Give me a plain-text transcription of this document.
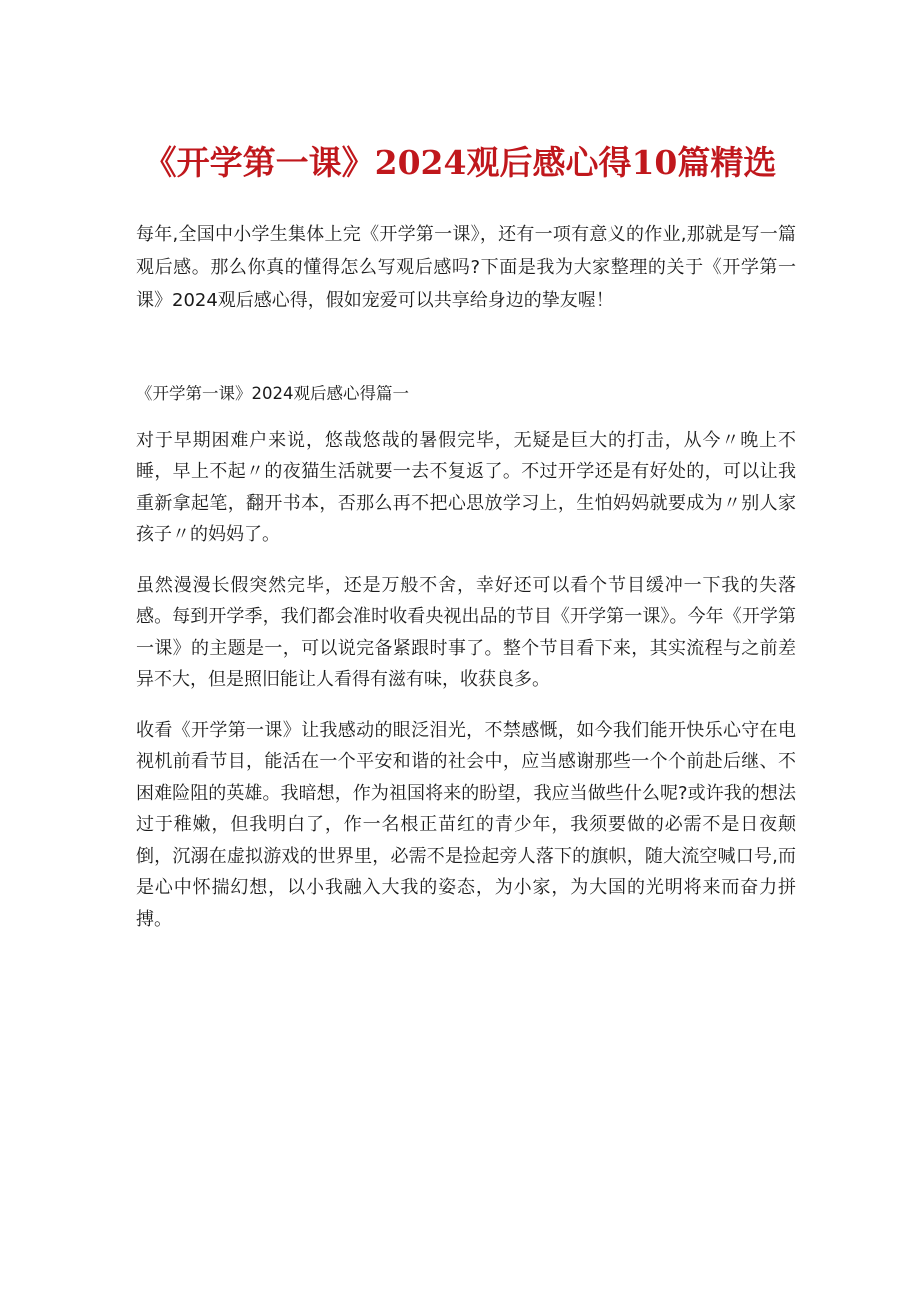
《开学第一课》2024观后感心得10篇精选

每年,全国中小学生集体上完《开学第一课》，还有一项有意义的作业,那就是写一篇观后感。那么你真的懂得怎么写观后感吗?下面是我为大家整理的关于《开学第一课》2024观后感心得，假如宠爱可以共享给身边的挚友喔！

《开学第一课》2024观后感心得篇一

对于早期困难户来说，悠哉悠哉的暑假完毕，无疑是巨大的打击，从今〃晚上不睡，早上不起〃的夜猫生活就要一去不复返了。不过开学还是有好处的，可以让我重新拿起笔，翻开书本，否那么再不把心思放学习上，生怕妈妈就要成为〃别人家孩子〃的妈妈了。

虽然漫漫长假突然完毕，还是万般不舍，幸好还可以看个节目缓冲一下我的失落感。每到开学季，我们都会准时收看央视出品的节目《开学第一课》。今年《开学第一课》的主题是一，可以说完备紧跟时事了。整个节目看下来，其实流程与之前差异不大，但是照旧能让人看得有滋有味，收获良多。

收看《开学第一课》让我感动的眼泛泪光，不禁感慨，如今我们能开快乐心守在电视机前看节目，能活在一个平安和谐的社会中，应当感谢那些一个个前赴后继、不困难险阻的英雄。我暗想，作为祖国将来的盼望，我应当做些什么呢?或许我的想法过于稚嫩，但我明白了，作一名根正苗红的青少年，我须要做的必需不是日夜颠倒，沉溺在虚拟游戏的世界里，必需不是捡起旁人落下的旗帜，随大流空喊口号,而是心中怀揣幻想，以小我融入大我的姿态，为小家，为大国的光明将来而奋力拼搏。
